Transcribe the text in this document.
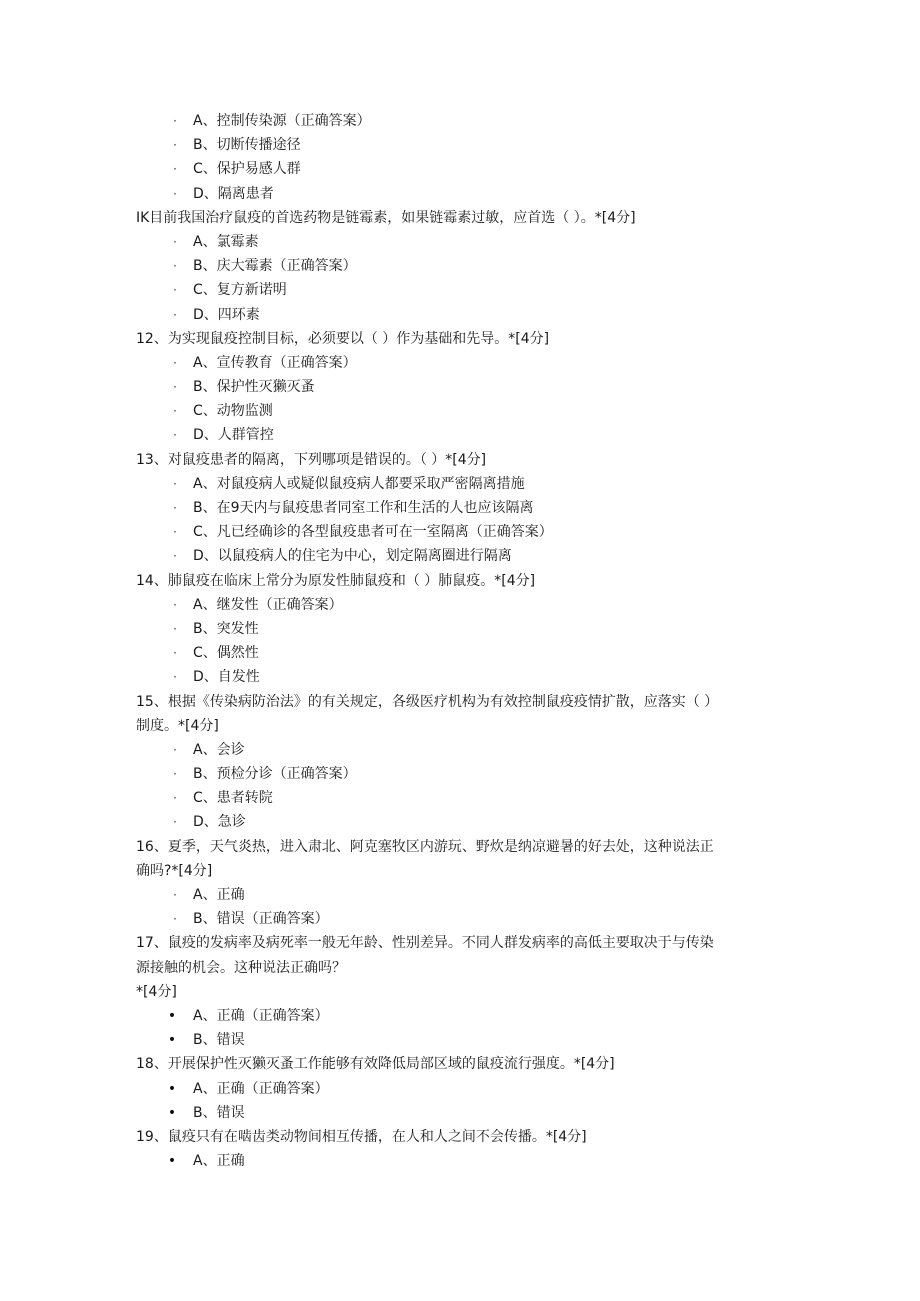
· A、控制传染源（正确答案）
· B、切断传播途径
· C、保护易感人群
· D、隔离患者
IK目前我国治疗鼠疫的首选药物是链霉素，如果链霉素过敏，应首选（ ）。*[4分]
· A、氯霉素
· B、庆大霉素（正确答案）
· C、复方新诺明
· D、四环素
12、为实现鼠疫控制目标，必须要以（ ）作为基础和先导。*[4分]
· A、宣传教育（正确答案）
· B、保护性灭獭灭蚤
· C、动物监测
· D、人群管控
13、对鼠疫患者的隔离，下列哪项是错误的。（ ）*[4分]
· A、对鼠疫病人或疑似鼠疫病人都要采取严密隔离措施
· B、在9天内与鼠疫患者同室工作和生活的人也应该隔离
· C、凡已经确诊的各型鼠疫患者可在一室隔离（正确答案）
· D、以鼠疫病人的住宅为中心，划定隔离圈进行隔离
14、肺鼠疫在临床上常分为原发性肺鼠疫和（ ）肺鼠疫。*[4分]
· A、继发性（正确答案）
· B、突发性
· C、偶然性
· D、自发性
15、根据《传染病防治法》的有关规定，各级医疗机构为有效控制鼠疫疫情扩散，应落实（ ）
制度。*[4分]
· A、会诊
· B、预检分诊（正确答案）
· C、患者转院
· D、急诊
16、夏季，天气炎热，进入肃北、阿克塞牧区内游玩、野炊是纳凉避暑的好去处，这种说法正
确吗?*[4分]
· A、正确
· B、错误（正确答案）
17、鼠疫的发病率及病死率一般无年龄、性别差异。不同人群发病率的高低主要取决于与传染
源接触的机会。这种说法正确吗？
*[4分]
• A、正确（正确答案）
• B、错误
18、开展保护性灭獭灭蚤工作能够有效降低局部区域的鼠疫流行强度。*[4分]
• A、正确（正确答案）
• B、错误
19、鼠疫只有在啮齿类动物间相互传播，在人和人之间不会传播。*[4分]
• A、正确
